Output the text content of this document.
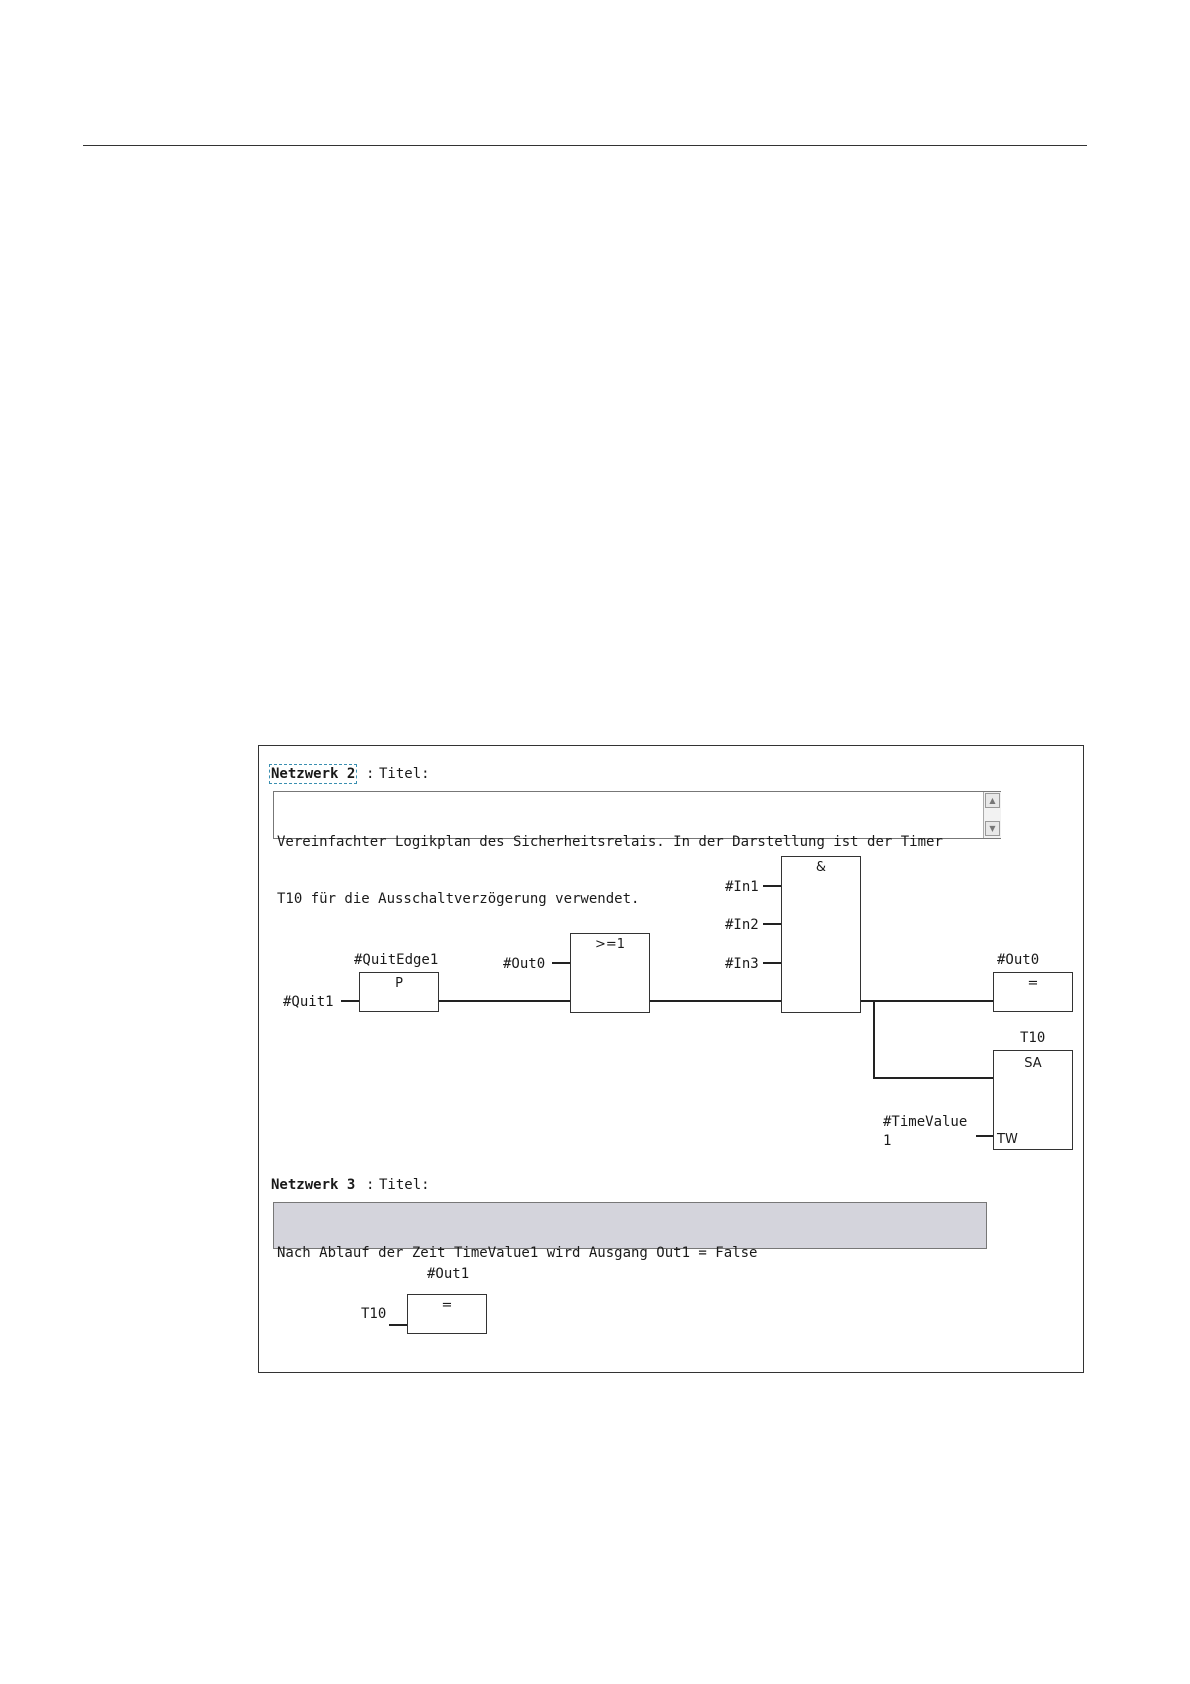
Netzwerk 2 : Titel:

Vereinfachter Logikplan des Sicherheitsrelais. In der Darstellung ist der Timer

T10 für die Ausschaltverzögerung verwendet.

▲
▼
#QuitEdge1
#Quit1
P
#Out0
>=1
#In1
#In2
#In3
&
#Out0
=
T10
SA
TW
#TimeValue
1
Netzwerk 3 : Titel:

Nach Ablauf der Zeit TimeValue1 wird Ausgang Out1 = False

#Out1
T10
=
